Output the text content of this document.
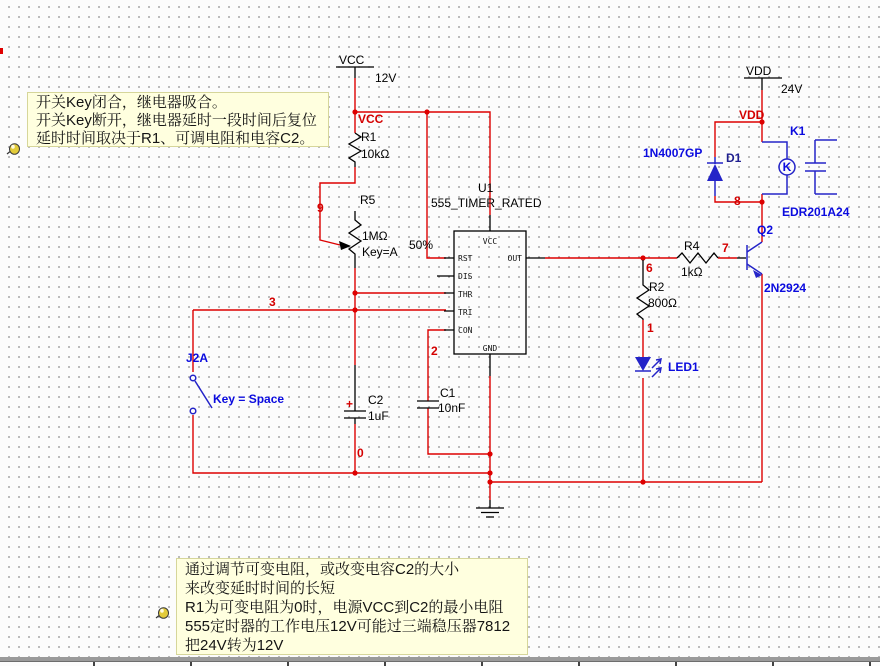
VCC
12V	VDD
24V
R1
10kΩ
R5
1MΩ
Key=A 50%
U1
555_TIMER_RATED
VCC
RST
DIS
THR
TRI
CON
GND
OUT
+ C2
1uF
C1
10nF
J2A
Key = Space
R4
1kΩ
R2
800Ω
LED1
1N4007GP D1
K
K1
EDR201A24
Q2
2N2924
VCC	VDD
9
3
2
0
6
1
7
8
开关Key闭合，继电器吸合。
开关Key断开，继电器延时一段时间后复位
延时时间取决于R1、可调电阻和电容C2。
通过调节可变电阻，或改变电容C2的大小
来改变延时时间的长短
R1为可变电阻为0时，电源VCC到C2的最小电阻
555定时器的工作电压12V可能过三端稳压器7812
把24V转为12V
